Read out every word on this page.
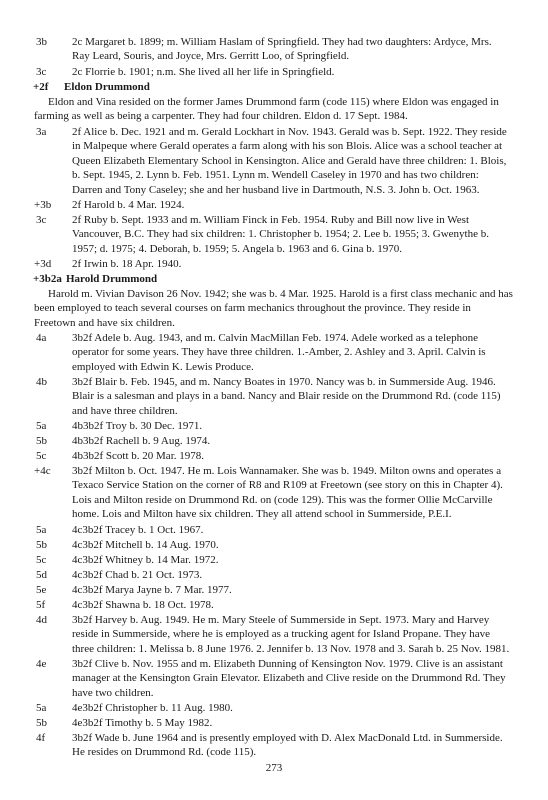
3b	2c Margaret b. 1899; m. William Haslam of Springfield. They had two daughters: Ardyce, Mrs. Ray Leard, Souris, and Joyce, Mrs. Gerritt Loo, of Springfield.
3c	2c Florrie b. 1901; n.m. She lived all her life in Springfield.
+2f	Eldon Drummond
Eldon and Vina resided on the former James Drummond farm (code 115) where Eldon was engaged in farming as well as being a carpenter. They had four children. Eldon d. 17 Sept. 1984.
3a	2f Alice b. Dec. 1921 and m. Gerald Lockhart in Nov. 1943. Gerald was b. Sept. 1922. They reside in Malpeque where Gerald operates a farm along with his son Blois. Alice was a school teacher at Queen Elizabeth Elementary School in Kensington. Alice and Gerald have three children: 1. Blois, b. Sept. 1945, 2. Lynn b. Feb. 1951. Lynn m. Wendell Caseley in 1970 and has two children: Darren and Tony Caseley; she and her husband live in Dartmouth, N.S. 3. John b. Oct. 1963.
+3b	2f Harold b. 4 Mar. 1924.
3c	2f Ruby b. Sept. 1933 and m. William Finck in Feb. 1954. Ruby and Bill now live in West Vancouver, B.C. They had six children: 1. Christopher b. 1954; 2. Lee b. 1955; 3. Gwenythe b. 1957; d. 1975; 4. Deborah, b. 1959; 5. Angela b. 1963 and 6. Gina b. 1970.
+3d	2f Irwin b. 18 Apr. 1940.
+3b2a Harold Drummond
Harold m. Vivian Davison 26 Nov. 1942; she was b. 4 Mar. 1925. Harold is a first class mechanic and has been employed to teach several courses on farm mechanics throughout the province. They reside in Freetown and have six children.
4a	3b2f Adele b. Aug. 1943, and m. Calvin MacMillan Feb. 1974. Adele worked as a telephone operator for some years. They have three children. 1.-Amber, 2. Ashley and 3. April. Calvin is employed with Edwin K. Lewis Produce.
4b	3b2f Blair b. Feb. 1945, and m. Nancy Boates in 1970. Nancy was b. in Summerside Aug. 1946. Blair is a salesman and plays in a band. Nancy and Blair reside on the Drummond Rd. (code 115) and have three children.
5a	4b3b2f Troy b. 30 Dec. 1971.
5b	4b3b2f Rachell b. 9 Aug. 1974.
5c	4b3b2f Scott b. 20 Mar. 1978.
+4c	3b2f Milton b. Oct. 1947. He m. Lois Wannamaker. She was b. 1949. Milton owns and operates a Texaco Service Station on the corner of R8 and R109 at Freetown (see story on this in Chapter 4). Lois and Milton reside on Drummond Rd. on (code 129). This was the former Ollie McCarville home. Lois and Milton have six children. They all attend school in Summerside, P.E.I.
5a	4c3b2f Tracey b. 1 Oct. 1967.
5b	4c3b2f Mitchell b. 14 Aug. 1970.
5c	4c3b2f Whitney b. 14 Mar. 1972.
5d	4c3b2f Chad b. 21 Oct. 1973.
5e	4c3b2f Marya Jayne b. 7 Mar. 1977.
5f	4c3b2f Shawna b. 18 Oct. 1978.
4d	3b2f Harvey b. Aug. 1949. He m. Mary Steele of Summerside in Sept. 1973. Mary and Harvey reside in Summerside, where he is employed as a trucking agent for Island Propane. They have three children: 1. Melissa b. 8 June 1976. 2. Jennifer b. 13 Nov. 1978 and 3. Sarah b. 25 Nov. 1981.
4e	3b2f Clive b. Nov. 1955 and m. Elizabeth Dunning of Kensington Nov. 1979. Clive is an assistant manager at the Kensington Grain Elevator. Elizabeth and Clive reside on the Drummond Rd. They have two children.
5a	4e3b2f Christopher b. 11 Aug. 1980.
5b	4e3b2f Timothy b. 5 May 1982.
4f	3b2f Wade b. June 1964 and is presently employed with D. Alex MacDonald Ltd. in Summerside. He resides on Drummond Rd. (code 115).
273
